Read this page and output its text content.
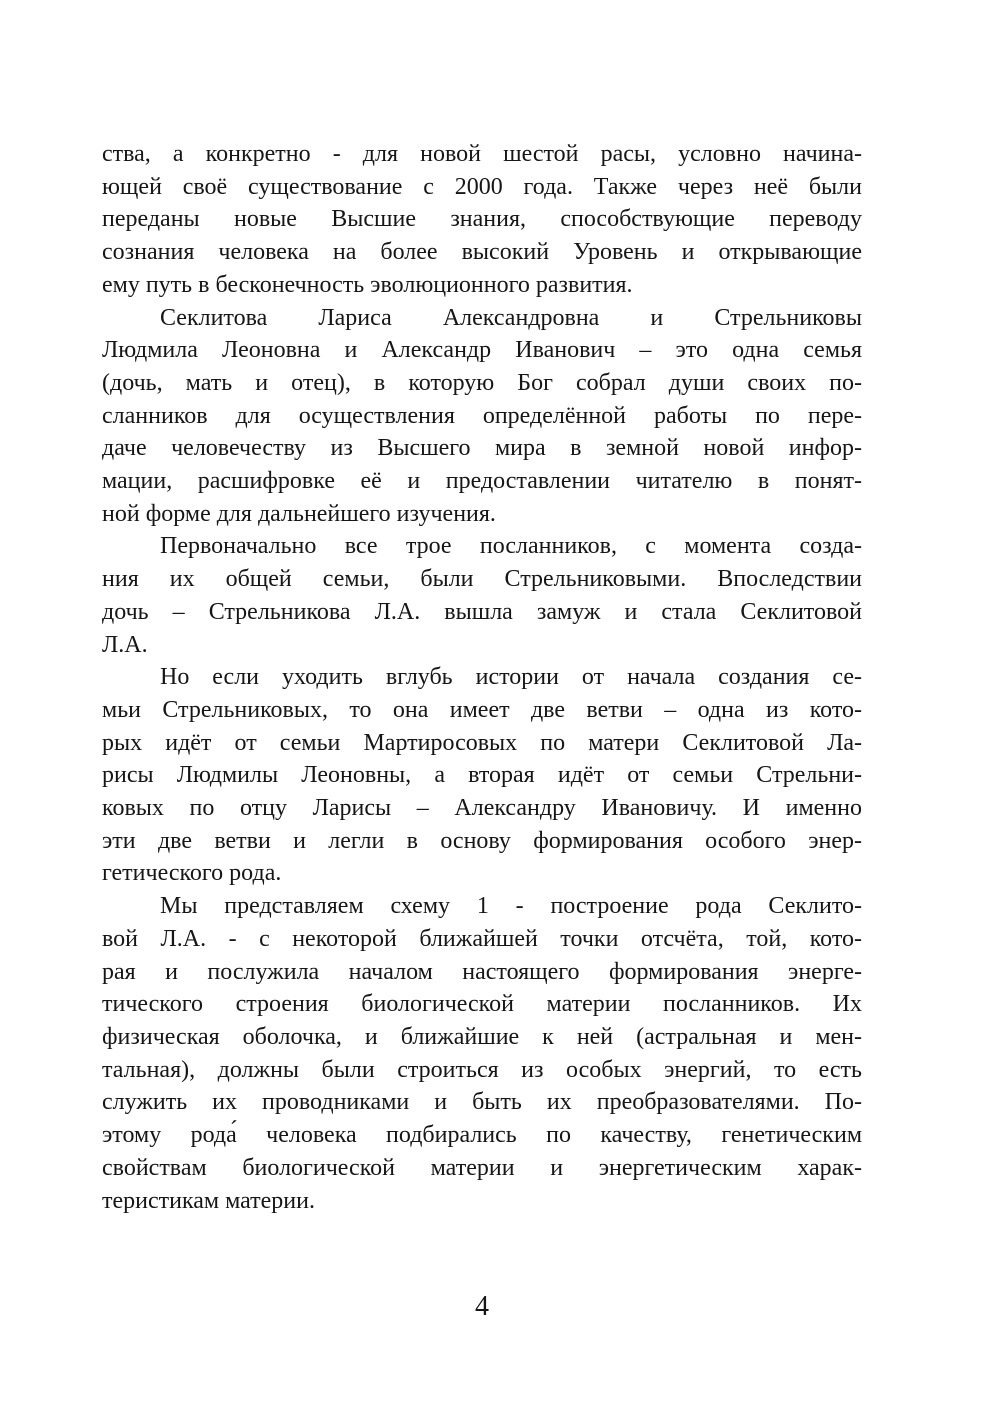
ства, а конкретно - для новой шестой расы, условно начина-
ющей своё существование с 2000 года. Также через неё были
переданы новые Высшие знания, способствующие переводу
сознания человека на более высокий Уровень и открывающие
ему путь в бесконечность эволюционного развития.
Секлитова Лариса Александровна и Стрельниковы
Людмила Леоновна и Александр Иванович – это одна семья
(дочь, мать и отец), в которую Бог собрал души своих по-
сланников для осуществления определённой работы по пере-
даче человечеству из Высшего мира в земной новой инфор-
мации, расшифровке её и предоставлении читателю в понят-
ной форме для дальнейшего изучения.
Первоначально все трое посланников, с момента созда-
ния их общей семьи, были Стрельниковыми. Впоследствии
дочь – Стрельникова Л.А. вышла замуж и стала Секлитовой
Л.А.
Но если уходить вглубь истории от начала создания се-
мьи Стрельниковых, то она имеет две ветви – одна из кото-
рых идёт от семьи Мартиросовых по матери Секлитовой Ла-
рисы Людмилы Леоновны, а вторая идёт от семьи Стрельни-
ковых по отцу Ларисы – Александру Ивановичу. И именно
эти две ветви и легли в основу формирования особого энер-
гетического рода.
Мы представляем схему 1 - построение рода Секлито-
вой Л.А. - с некоторой ближайшей точки отсчёта, той, кото-
рая и послужила началом настоящего формирования энерге-
тического строения биологической материи посланников. Их
физическая оболочка, и ближайшие к ней (астральная и мен-
тальная), должны были строиться из особых энергий, то есть
служить их проводниками и быть их преобразователями. По-
этому рода́ человека подбирались по качеству, генетическим
свойствам биологической материи и энергетическим харак-
теристикам материи.
4
